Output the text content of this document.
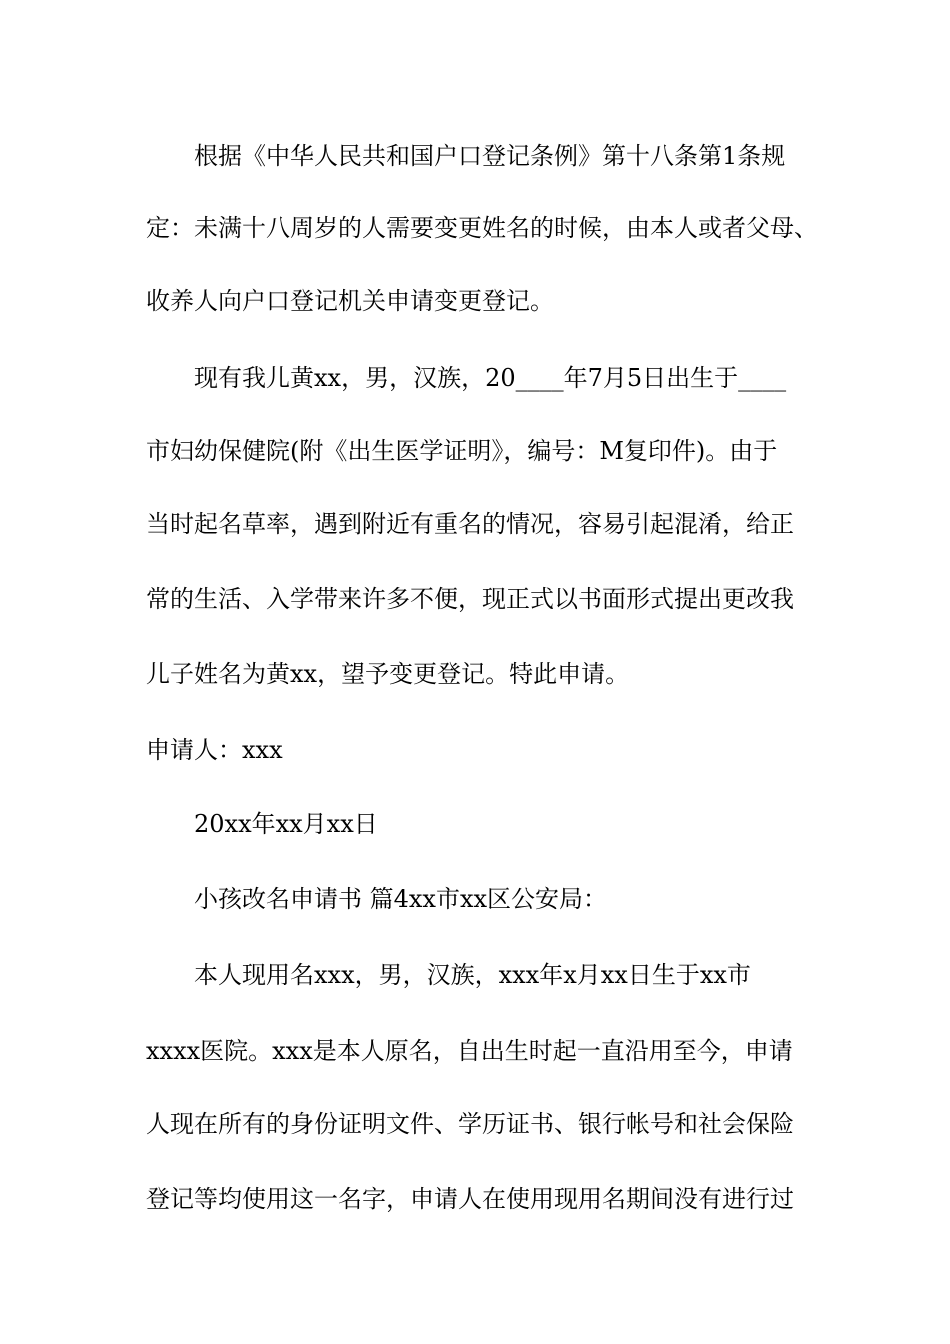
根据《中华人民共和国户口登记条例》第十八条第1条规
定：未满十八周岁的人需要变更姓名的时候，由本人或者父母、
收养人向户口登记机关申请变更登记。
现有我儿黄xx，男，汉族，20____年7月5日出生于____
市妇幼保健院(附《出生医学证明》，编号：M复印件)。由于
当时起名草率，遇到附近有重名的情况，容易引起混淆，给正
常的生活、入学带来许多不便，现正式以书面形式提出更改我
儿子姓名为黄xx，望予变更登记。特此申请。
申请人：xxx
20xx年xx月xx日
小孩改名申请书 篇4xx市xx区公安局：
本人现用名xxx，男，汉族，xxx年x月xx日生于xx市
xxxx医院。xxx是本人原名，自出生时起一直沿用至今，申请
人现在所有的身份证明文件、学历证书、银行帐号和社会保险
登记等均使用这一名字，申请人在使用现用名期间没有进行过
